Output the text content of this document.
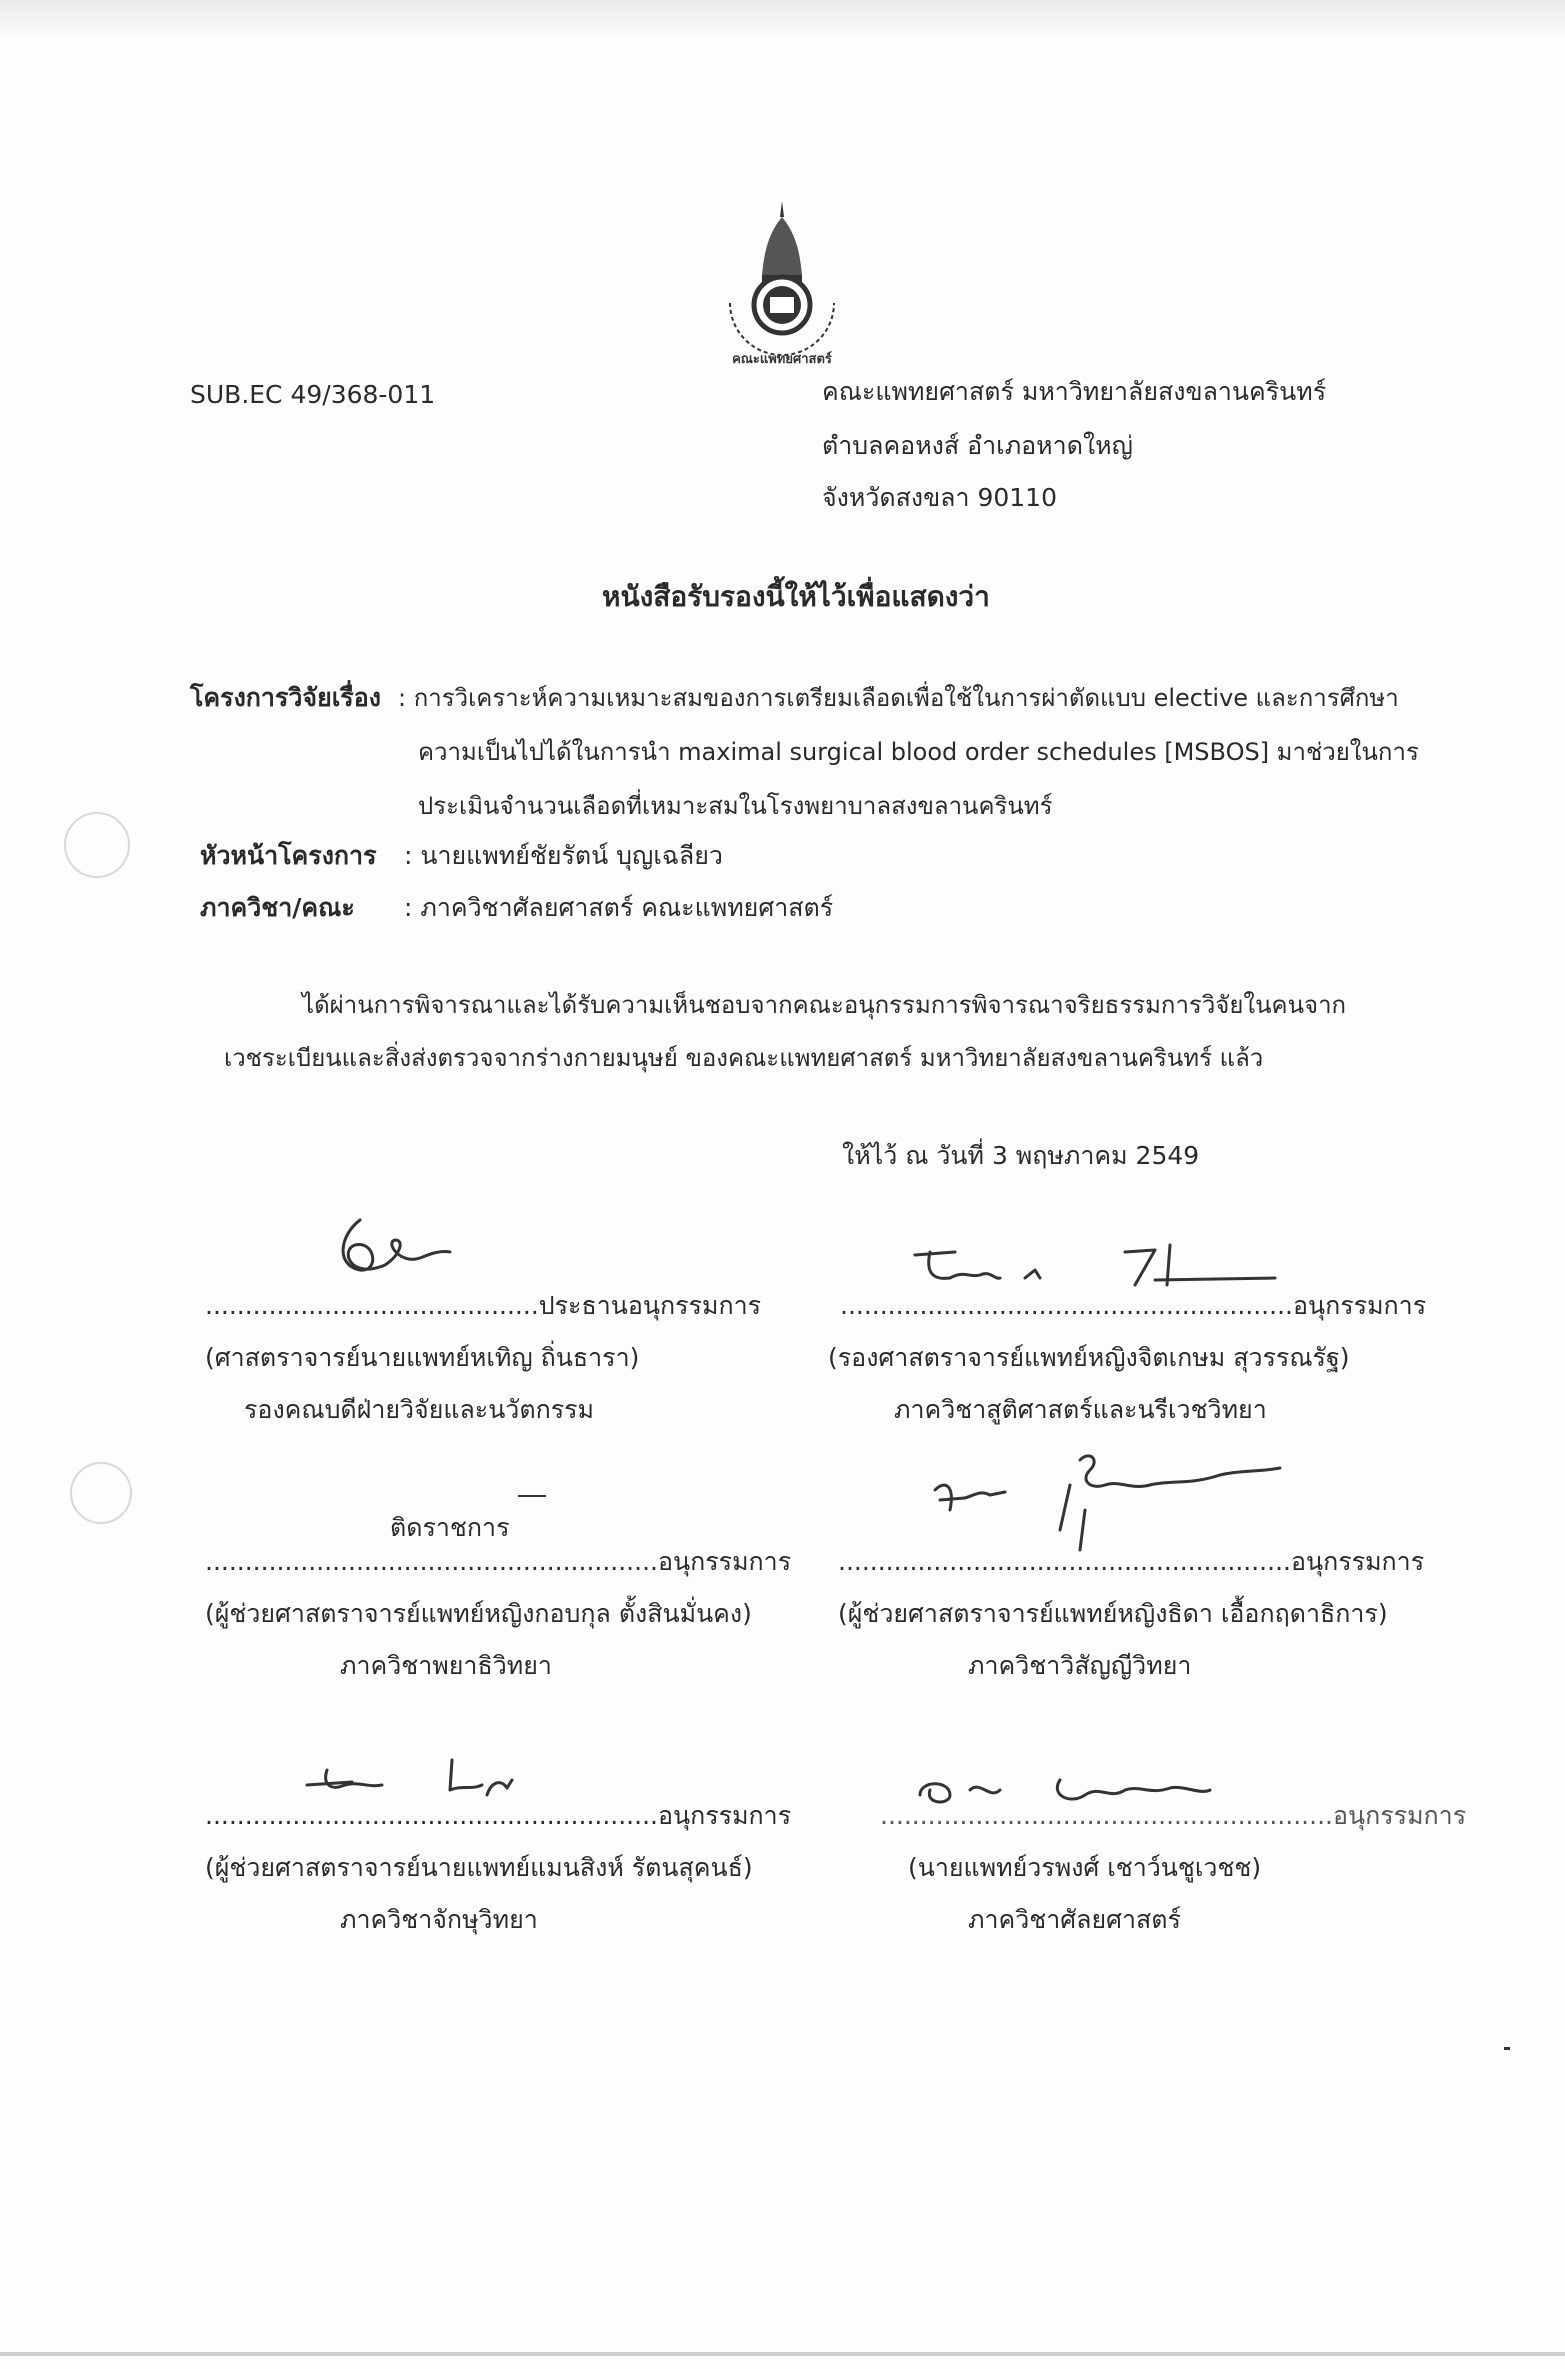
คณะแพทยศาสตร์
SUB.EC 49/368-011	คณะแพทยศาสตร์ มหาวิทยาลัยสงขลานครินทร์
ตำบลคอหงส์ อำเภอหาดใหญ่
จังหวัดสงขลา 90110
หนังสือรับรองนี้ให้ไว้เพื่อแสดงว่า
โครงการวิจัยเรื่อง : การวิเคราะห์ความเหมาะสมของการเตรียมเลือดเพื่อใช้ในการผ่าตัดแบบ elective และการศึกษา
ความเป็นไปได้ในการนำ maximal surgical blood order schedules [MSBOS] มาช่วยในการ
ประเมินจำนวนเลือดที่เหมาะสมในโรงพยาบาลสงขลานครินทร์
หัวหน้าโครงการ : นายแพทย์ชัยรัตน์ บุญเฉลียว
ภาควิชา/คณะ : ภาควิชาศัลยศาสตร์ คณะแพทยศาสตร์
ได้ผ่านการพิจารณาและได้รับความเห็นชอบจากคณะอนุกรรมการพิจารณาจริยธรรมการวิจัยในคนจาก
เวชระเบียนและสิ่งส่งตรวจจากร่างกายมนุษย์ ของคณะแพทยศาสตร์ มหาวิทยาลัยสงขลานครินทร์ แล้ว
ให้ไว้ ณ วันที่ 3 พฤษภาคม 2549
..........................................ประธานอนุกรรมการ
(ศาสตราจารย์นายแพทย์หเทิญ ถิ่นธารา)
รองคณบดีฝ่ายวิจัยและนวัตกรรม
.........................................................อนุกรรมการ
(รองศาสตราจารย์แพทย์หญิงจิตเกษม สุวรรณรัฐ)
ภาควิชาสูติศาสตร์และนรีเวชวิทยา
ติดราชการ
.........................................................อนุกรรมการ
(ผู้ช่วยศาสตราจารย์แพทย์หญิงกอบกุล ตั้งสินมั่นคง)
ภาควิชาพยาธิวิทยา
.........................................................อนุกรรมการ
(ผู้ช่วยศาสตราจารย์แพทย์หญิงธิดา เอื้อกฤดาธิการ)
ภาควิชาวิสัญญีวิทยา
.........................................................อนุกรรมการ
(ผู้ช่วยศาสตราจารย์นายแพทย์แมนสิงห์ รัตนสุคนธ์)
ภาควิชาจักษุวิทยา
.........................................................อนุกรรมการ
(นายแพทย์วรพงศ์ เชาว์นชูเวชช)
ภาควิชาศัลยศาสตร์
